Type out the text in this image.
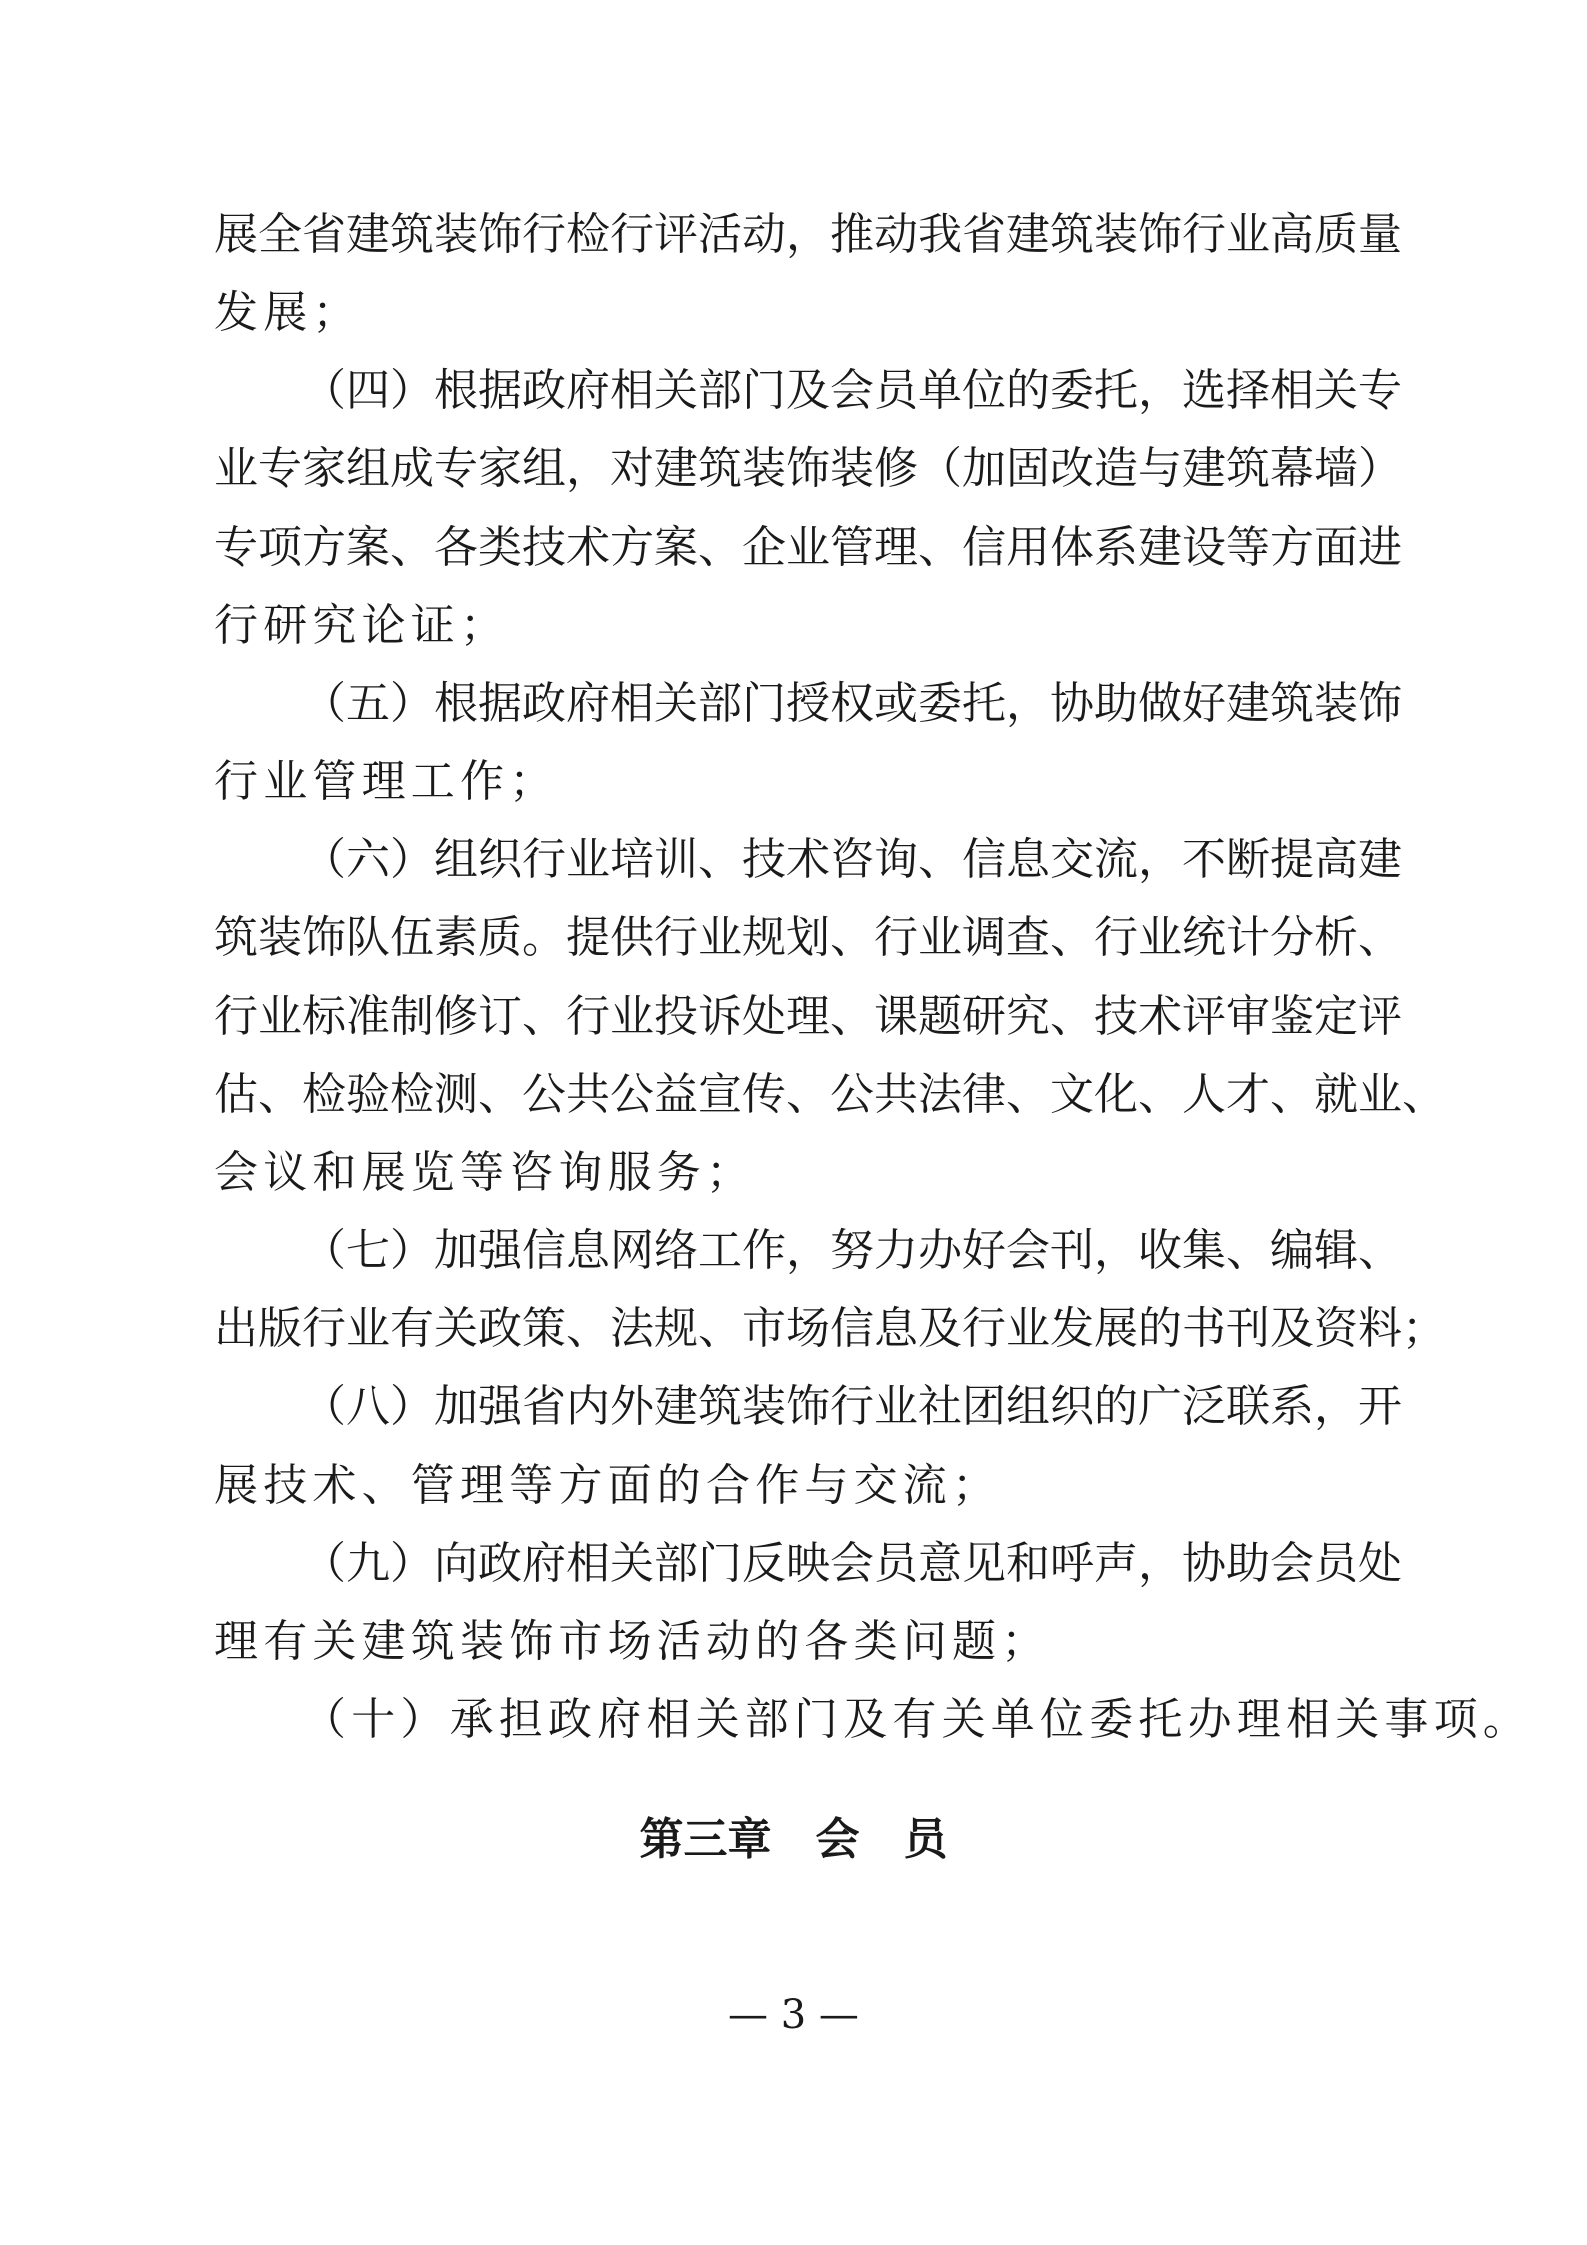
展全省建筑装饰行检行评活动，推动我省建筑装饰行业高质量
发展；
（四）根据政府相关部门及会员单位的委托，选择相关专
业专家组成专家组，对建筑装饰装修（加固改造与建筑幕墙）
专项方案、各类技术方案、企业管理、信用体系建设等方面进
行研究论证；
（五）根据政府相关部门授权或委托，协助做好建筑装饰
行业管理工作；
（六）组织行业培训、技术咨询、信息交流，不断提高建
筑装饰队伍素质。提供行业规划、行业调查、行业统计分析、
行业标准制修订、行业投诉处理、课题研究、技术评审鉴定评
估、检验检测、公共公益宣传、公共法律、文化、人才、就业、
会议和展览等咨询服务；
（七）加强信息网络工作，努力办好会刊，收集、编辑、
出版行业有关政策、法规、市场信息及行业发展的书刊及资料；
（八）加强省内外建筑装饰行业社团组织的广泛联系，开
展技术、管理等方面的合作与交流；
（九）向政府相关部门反映会员意见和呼声，协助会员处
理有关建筑装饰市场活动的各类问题；
（十）承担政府相关部门及有关单位委托办理相关事项。
第三章　会　员
— 3 —
